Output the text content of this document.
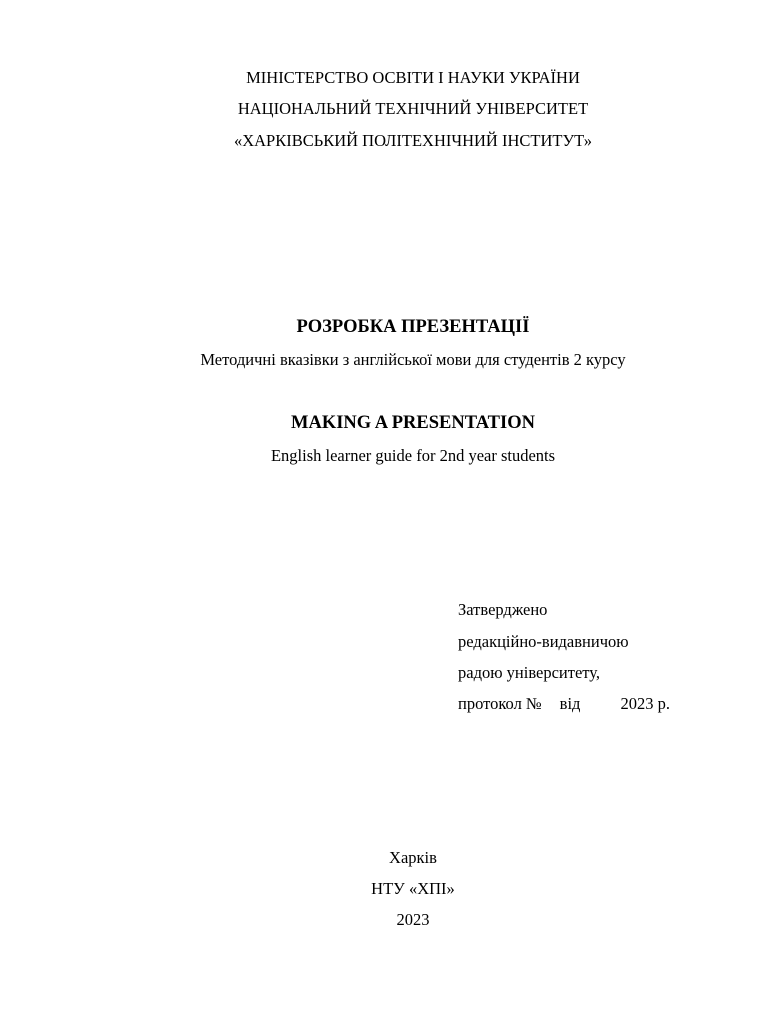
МІНІСТЕРСТВО ОСВІТИ І НАУКИ УКРАЇНИ
НАЦІОНАЛЬНИЙ ТЕХНІЧНИЙ УНІВЕРСИТЕТ
«ХАРКІВСЬКИЙ ПОЛІТЕХНІЧНИЙ ІНСТИТУТ»
РОЗРОБКА ПРЕЗЕНТАЦІЇ
Методичні вказівки з англійської мови для студентів 2 курсу
MAKING A PRESENTATION
English learner guide for 2nd year students
Затверджено
редакційно-видавничою
радою університету,
протокол № від 2023 р.
Харків
НТУ «ХПІ»
2023
